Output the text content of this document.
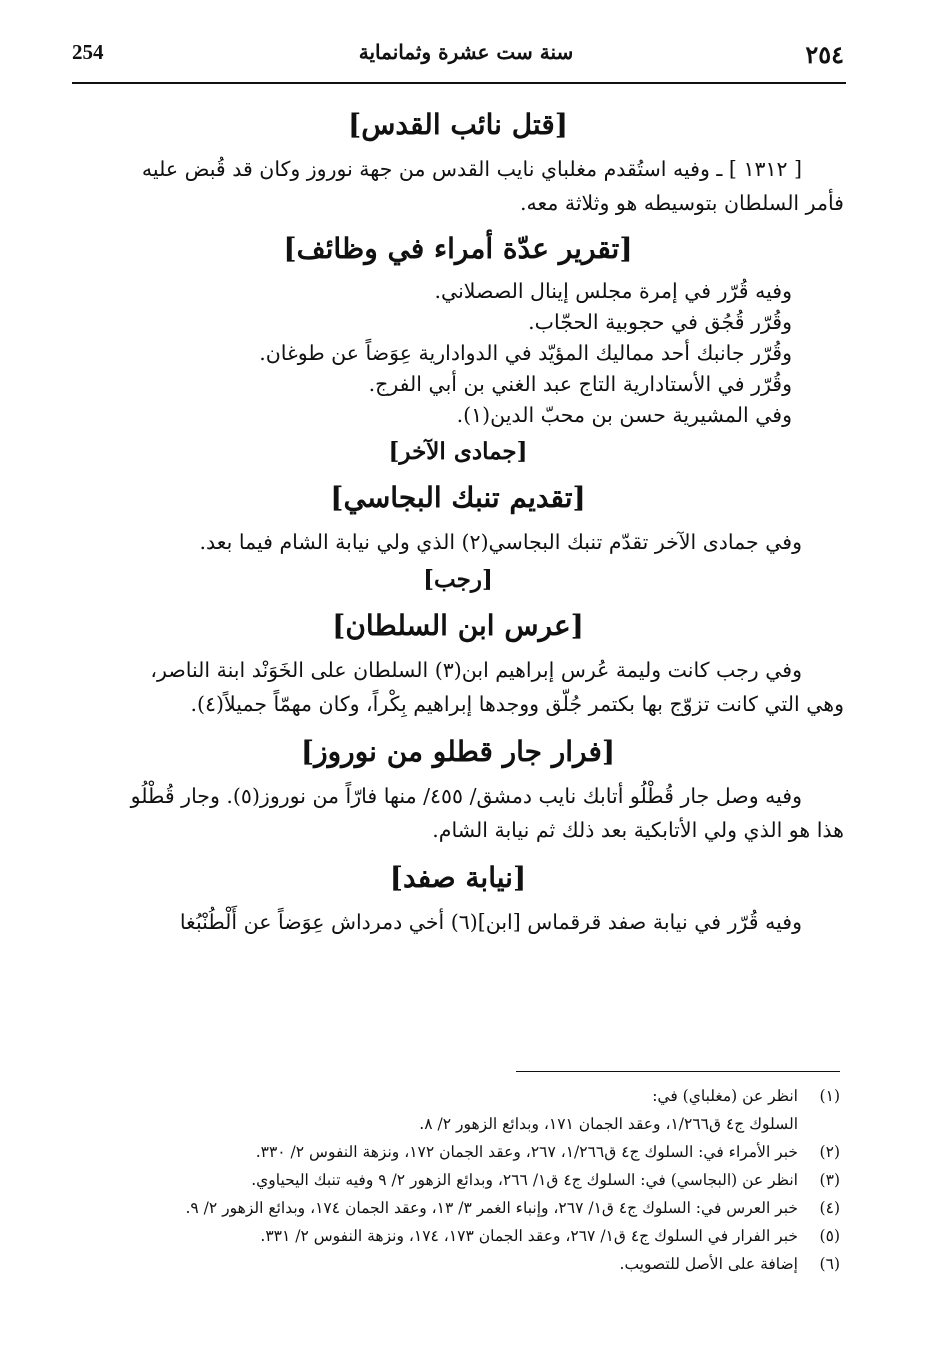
254	سنة ست عشرة وثمانماية	٢٥٤
[قتل نائب القدس]

[ ١٣١٢ ] ـ وفيه استُقدم مغلباي نايب القدس من جهة نوروز وكان قد قُبض عليه

فأمر السلطان بتوسيطه هو وثلاثة معه.

[تقرير عدّة أمراء في وظائف]
وفيه قُرّر في إمرة مجلس إينال الصصلاني.
وقُرّر قُجُق في حجوبية الحجّاب.
وقُرّر جانبك أحد مماليك المؤيّد في الدوادارية عِوَضاً عن طوغان.
وقُرّر في الأستادارية التاج عبد الغني بن أبي الفرج.
وفي المشيرية حسن بن محبّ الدين(١).
[جمادى الآخر]
[تقديم تنبك البجاسي]

وفي جمادى الآخر تقدّم تنبك البجاسي(٢) الذي ولي نيابة الشام فيما بعد.

[رجب]
[عرس ابن السلطان]

وفي رجب كانت وليمة عُرس إبراهيم ابن(٣) السلطان على الخَوَنْد ابنة الناصر،

وهي التي كانت تزوّج بها بكتمر جُلّق ووجدها إبراهيم بِكْراً، وكان مهمّاً جميلاً(٤).

[فرار جار قطلو من نوروز]

وفيه وصل جار قُطْلُو أتابك نايب دمشق/ ٤٥٥/ منها فارّاً من نوروز(٥). وجار قُطْلُو

هذا هو الذي ولي الأتابكية بعد ذلك ثم نيابة الشام.

[نيابة صفد]

وفيه قُرّر في نيابة صفد قرقماس [ابن](٦) أخي دمرداش عِوَضاً عن أَلْطُنْبُغا

(١)
انظر عن (مغلباي) في:
السلوك ج٤ ق١/٢٦٦، وعقد الجمان ١٧١، وبدائع الزهور ٢/ ٨.
(٢)
خبر الأمراء في: السلوك ج٤ ق١/٢٦٦، ٢٦٧، وعقد الجمان ١٧٢، ونزهة النفوس ٢/ ٣٣٠.
(٣)
انظر عن (البجاسي) في: السلوك ج٤ ق١/ ٢٦٦، وبدائع الزهور ٢/ ٩ وفيه تنبك اليحياوي.
(٤)
خبر العرس في: السلوك ج٤ ق١/ ٢٦٧، وإنباء الغمر ٣/ ١٣، وعقد الجمان ١٧٤، وبدائع الزهور ٢/ ٩.
(٥)
خبر الفرار في السلوك ج٤ ق١/ ٢٦٧، وعقد الجمان ١٧٣، ١٧٤، ونزهة النفوس ٢/ ٣٣١.
(٦)
إضافة على الأصل للتصويب.
